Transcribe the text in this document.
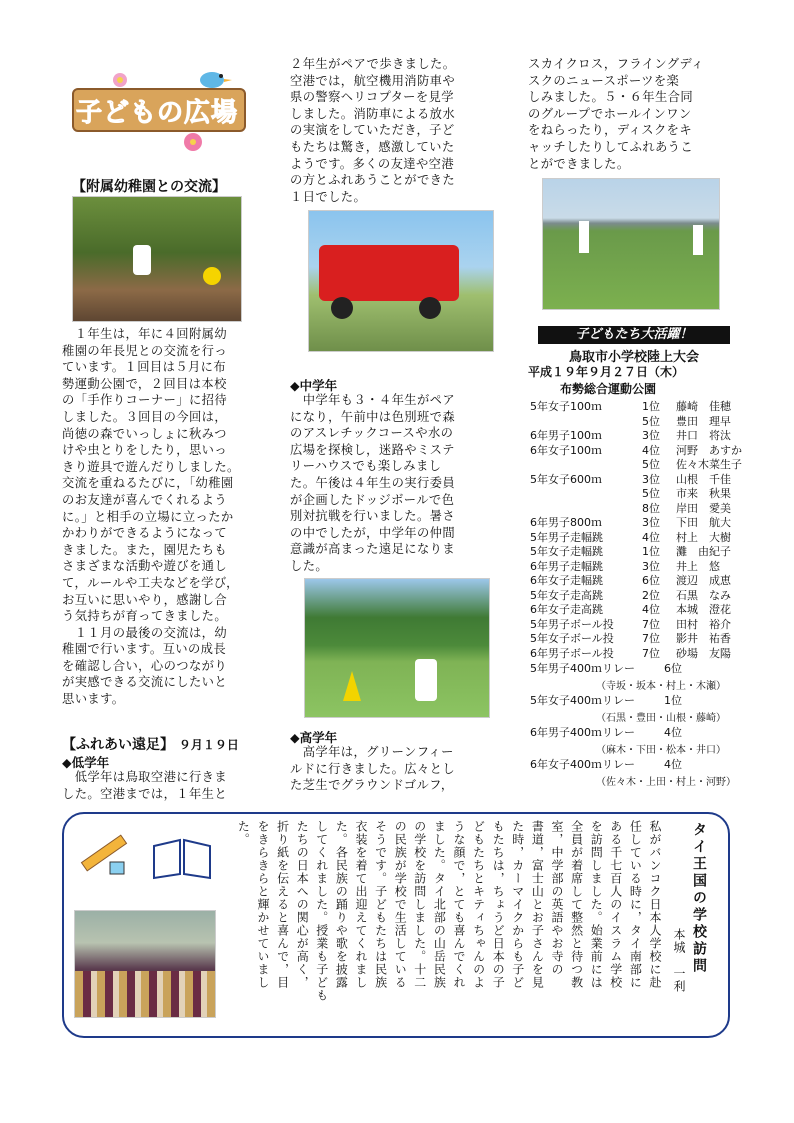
子どもの広場
【附属幼稚園との交流】
　１年生は，年に４回附属幼
稚園の年長児との交流を行っ
ています。１回目は５月に布
勢運動公園で，２回目は本校
の「手作りコーナー」に招待
しました。３回目の今回は，
尚徳の森でいっしょに秋みつ
けや虫とりをしたり，思いっ
きり遊具で遊んだりしました。
交流を重ねるたびに，「幼稚園
のお友達が喜んでくれるよう
に。」と相手の立場に立ったか
かわりができるようになって
きました。また，園児たちも
さまざまな活動や遊びを通し
て，ルールや工夫などを学び，
お互いに思いやり，感謝し合
う気持ちが育ってきました。
　１１月の最後の交流は，幼
稚園で行います。互いの成長
を確認し合い，心のつながり
が実感できる交流にしたいと
思います。
【ふれあい遠足】 ９月１９日
◆低学年
　低学年は鳥取空港に行きま
した。空港までは，１年生と
２年生がペアで歩きました。
空港では，航空機用消防車や
県の警察ヘリコプターを見学
しました。消防車による放水
の実演をしていただき，子ど
もたちは驚き，感激していた
ようです。多くの友達や空港
の方とふれあうことができた
１日でした。
◆中学年
　中学年も３・４年生がペア
になり，午前中は色別班で森
のアスレチックコースや水の
広場を探検し，迷路やミステ
リーハウスでも楽しみまし
た。午後は４年生の実行委員
が企画したドッジボールで色
別対抗戦を行いました。暑さ
の中でしたが，中学年の仲間
意識が高まった遠足になりま
した。
◆高学年
　高学年は，グリーンフィー
ルドに行きました。広々とし
た芝生でグラウンドゴルフ，
スカイクロス，フライングディ
スクのニュースポーツを楽
しみました。５・６年生合同
のグループでホールインワン
をねらったり，ディスクをキ
ャッチしたりしてふれあうこ
とができました。
子どもたち大活躍！
鳥取市小学校陸上大会
平成１９年９月２７日（木）
布勢総合運動公園
5年女子100ｍ	1位 藤崎　佳穂
5位 豊田　理早
6年男子100ｍ	3位 井口　将汰
6年女子100ｍ	4位 河野　あすか
5位 佐々木菜生子
5年女子600ｍ	3位 山根　千佳
5位 市来　秋果
8位 岸田　愛美
6年男子800ｍ	3位 下田　航大
5年男子走幅跳	4位 村上　大樹
5年女子走幅跳	1位 灘　由紀子
6年男子走幅跳	3位 井上　悠
6年女子走幅跳	6位 渡辺　成恵
5年女子走高跳	2位 石黒　なみ
6年女子走高跳	4位 本城　澄花
5年男子ボール投	7位 田村　裕介
5年女子ボール投	7位 影井　祐香
6年男子ボール投	7位 砂場　友陽
5年男子400ｍリレー	6位
（寺坂・坂本・村上・木瀬）
5年女子400ｍリレー	1位
（石黒・豊田・山根・藤崎）
6年男子400ｍリレー	4位
（麻木・下田・松本・井口）
6年女子400ｍリレー	4位
（佐々木・上田・村上・河野）
タイ王国の学校訪問
本城　一利
私がバンコク日本人学校に赴
任している時に，タイ南部に
ある千七百人のイスラム学校
を訪問しました。始業前には
全員が着席して整然と待つ教
室，中学部の英語やお寺の
書道，富士山とお子さんを見
た時，カーマイクからも子ど
もたちは，ちょうど日本の子
どもたちとキティちゃんのよ
うな顔で，とても喜んでくれ
ました。タイ北部の山岳民族
の学校を訪問しました。十二
の民族が学校で生活している
そうです。子どもたちは民族
衣装を着て出迎えてくれまし
た。各民族の踊りや歌を披露
してくれました。授業も子ども
たちの日本への関心が高く，
折り紙を伝えると喜んで，目
をきらきらと輝かせていまし
た。
